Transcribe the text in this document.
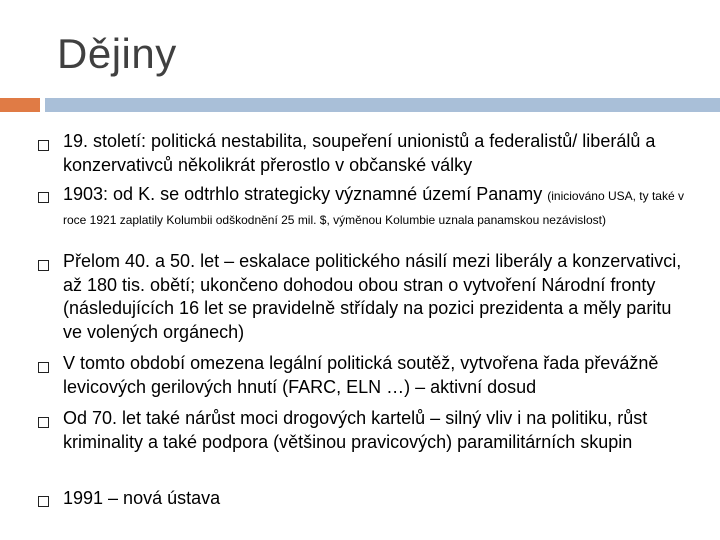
Dějiny
19. století: politická nestabilita, soupeření unionistů a federalistů/ liberálů a konzervativců několikrát přerostlo v občanské války
1903: od K. se odtrhlo strategicky významné území Panamy (iniciováno USA, ty také v roce 1921 zaplatily Kolumbii odškodnění 25 mil. $, výměnou Kolumbie uznala panamskou nezávislost)
Přelom 40. a 50. let – eskalace politického násilí mezi liberály a konzervativci, až 180 tis. obětí; ukončeno dohodou obou stran o vytvoření Národní fronty (následujících 16 let se pravidelně střídaly na pozici prezidenta a měly paritu ve volených orgánech)
V tomto období omezena legální politická soutěž, vytvořena řada převážně levicových gerilových hnutí (FARC, ELN …) – aktivní dosud
Od 70. let také nárůst moci drogových kartelů – silný vliv i na politiku, růst kriminality a také podpora (většinou pravicových) paramilitárních skupin
1991 – nová ústava
